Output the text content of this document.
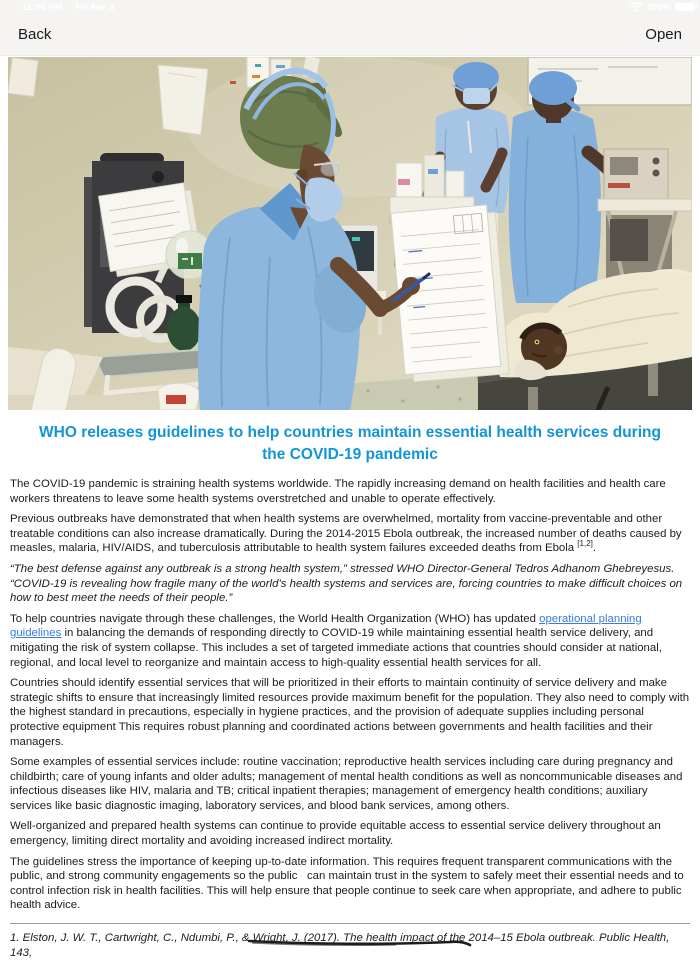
11:06 PM Fri Apr 3	100%
Back	Open
WHO releases guidelines to help countries maintain essential health services during the COVID-19 pandemic

The COVID-19 pandemic is straining health systems worldwide. The rapidly increasing demand on health facilities and health care workers threatens to leave some health systems overstretched and unable to operate effectively.

Previous outbreaks have demonstrated that when health systems are overwhelmed, mortality from vaccine-preventable and other treatable conditions can also increase dramatically. During the 2014-2015 Ebola outbreak, the increased number of deaths caused by measles, malaria, HIV/AIDS, and tuberculosis attributable to health system failures exceeded deaths from Ebola [1,2].

“The best defense against any outbreak is a strong health system,” stressed WHO Director-General Tedros Adhanom Ghebreyesus. “COVID-19 is revealing how fragile many of the world’s health systems and services are, forcing countries to make difficult choices on how to best meet the needs of their people.”

To help countries navigate through these challenges, the World Health Organization (WHO) has updated operational planning guidelines in balancing the demands of responding directly to COVID-19 while maintaining essential health service delivery, and mitigating the risk of system collapse. This includes a set of targeted immediate actions that countries should consider at national, regional, and local level to reorganize and maintain access to high-quality essential health services for all.

Countries should identify essential services that will be prioritized in their efforts to maintain continuity of service delivery and make strategic shifts to ensure that increasingly limited resources provide maximum benefit for the population. They also need to comply with the highest standard in precautions, especially in hygiene practices, and the provision of adequate supplies including personal protective equipment This requires robust planning and coordinated actions between governments and health facilities and their managers.

Some examples of essential services include: routine vaccination; reproductive health services including care during pregnancy and childbirth; care of young infants and older adults; management of mental health conditions as well as noncommunicable diseases and infectious diseases like HIV, malaria and TB; critical inpatient therapies; management of emergency health conditions; auxiliary services like basic diagnostic imaging, laboratory services, and blood bank services, among others.

Well-organized and prepared health systems can continue to provide equitable access to essential service delivery throughout an emergency, limiting direct mortality and avoiding increased indirect mortality.

The guidelines stress the importance of keeping up-to-date information. This requires frequent transparent communications with the public, and strong community engagements so the public   can maintain trust in the system to safely meet their essential needs and to control infection risk in health facilities. This will help ensure that people continue to seek care when appropriate, and adhere to public health advice.

1. Elston, J. W. T., Cartwright, C., Ndumbi, P., & Wright, J. (2017). The health impact of the 2014–15 Ebola outbreak. Public Health, 143,
